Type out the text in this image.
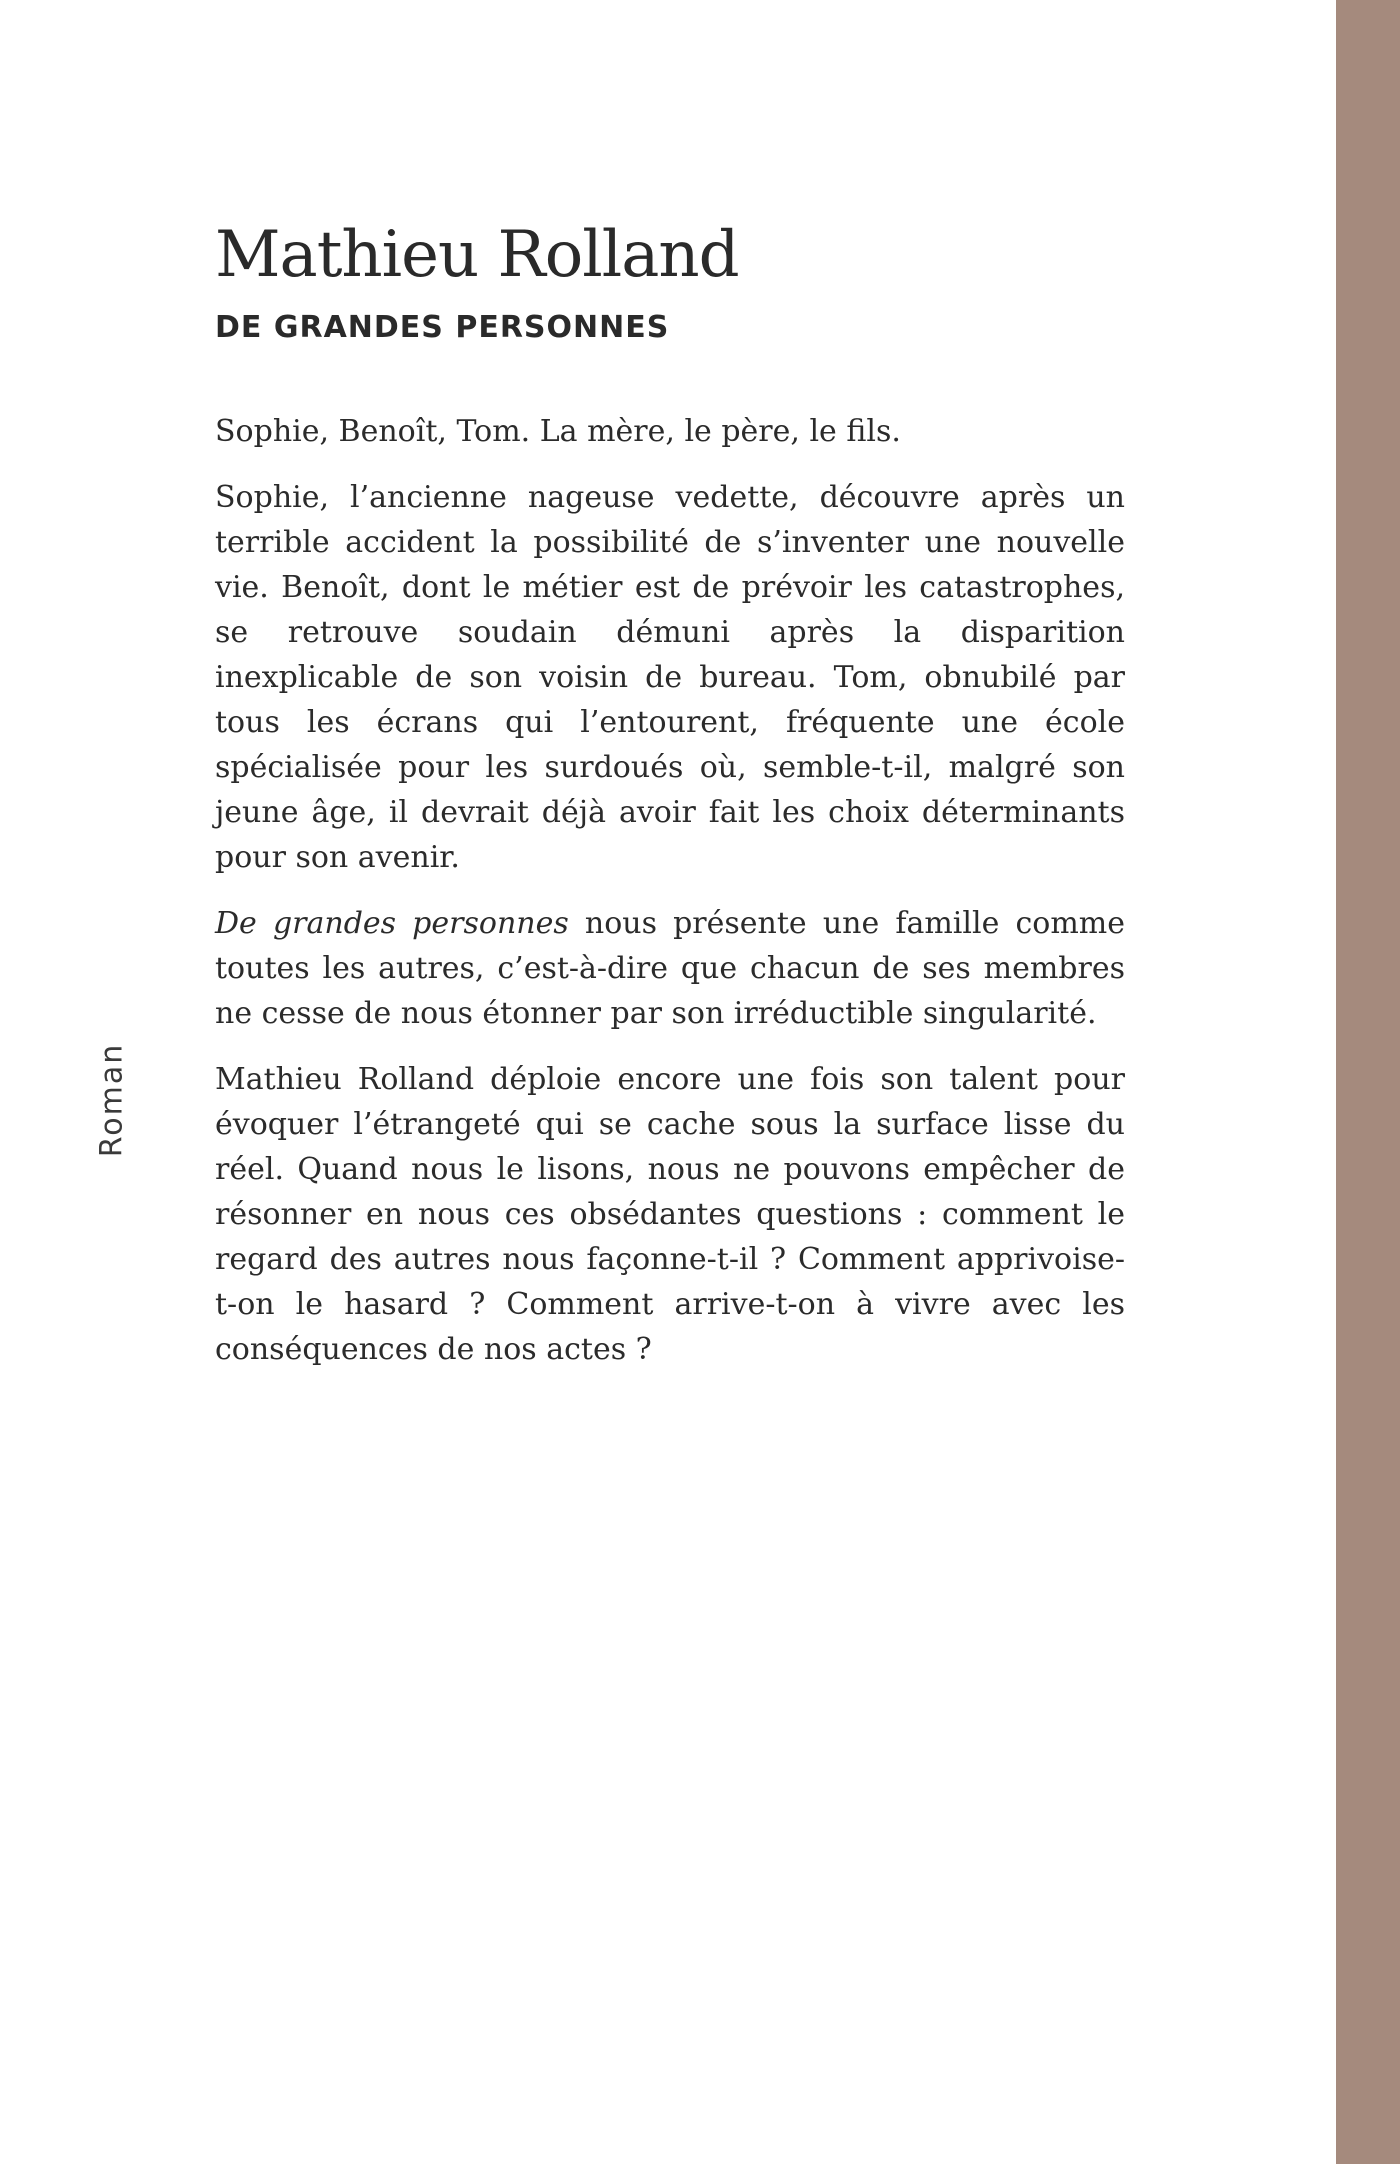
Roman
Mathieu Rolland
DE GRANDES PERSONNES

Sophie, Benoît, Tom. La mère, le père, le fils.

Sophie, l’ancienne nageuse vedette, découvre après un terrible accident la possibilité de s’inventer une nouvelle vie. Benoît, dont le métier est de prévoir les catastrophes, se retrouve soudain démuni après la disparition inexplicable de son voisin de bureau. Tom, obnubilé par tous les écrans qui l’entourent, fréquente une école spécialisée pour les surdoués où, semble-t-il, malgré son jeune âge, il devrait déjà avoir fait les choix déterminants pour son avenir.

De grandes personnes nous présente une famille comme toutes les autres, c’est-à-dire que chacun de ses membres ne cesse de nous étonner par son irréductible singularité.

Mathieu Rolland déploie encore une fois son talent pour évoquer l’étrangeté qui se cache sous la surface lisse du réel. Quand nous le lisons, nous ne pouvons empêcher de résonner en nous ces obsédantes questions : comment le regard des autres nous façonne-t-il ? Comment apprivoise-t-on le hasard ? Comment arrive-t-on à vivre avec les conséquences de nos actes ?
